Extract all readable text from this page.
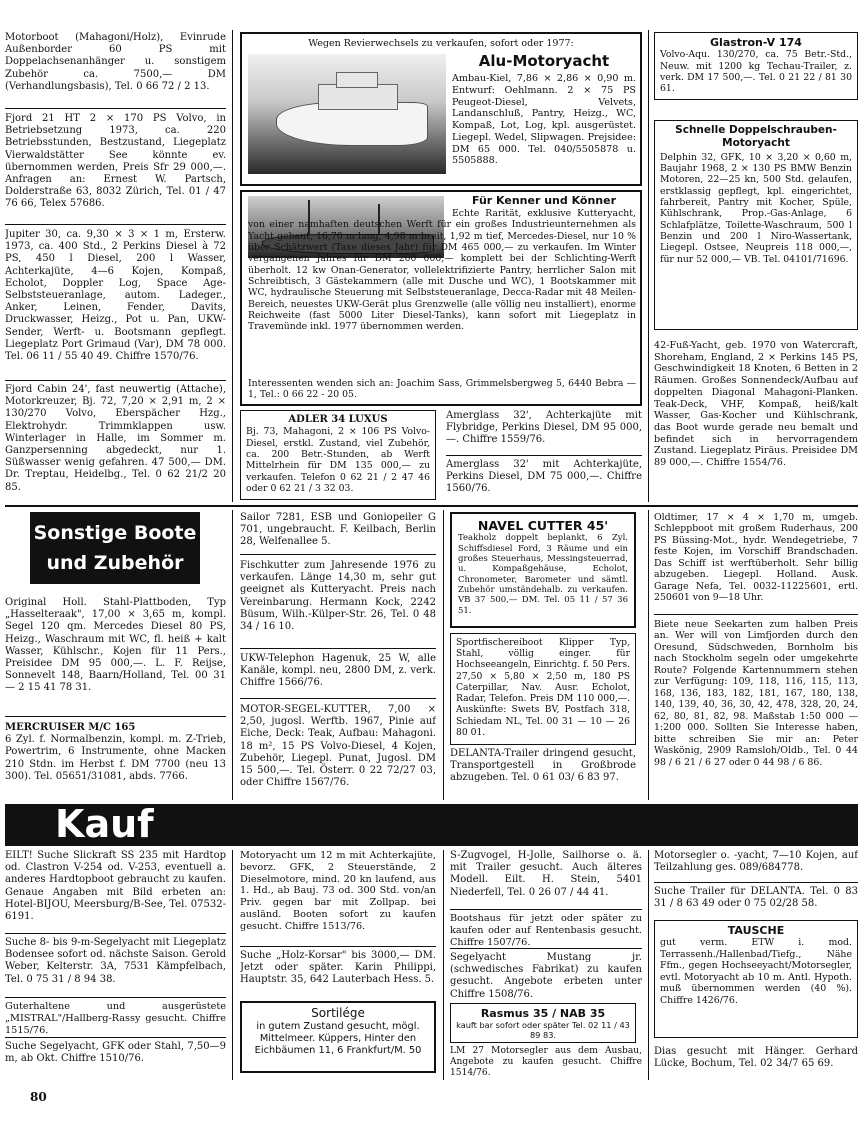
Motorboot (Mahagoni/Holz), Evinrude Außenborder 60 PS mit Doppelachsenanhänger u. sonstigem Zubehör ca. 7500,— DM (Verhandlungsbasis), Tel. 0 66 72 / 2 13.

Fjord 21 HT 2 × 170 PS Volvo, in Betriebsetzung 1973, ca. 220 Betriebsstunden, Bestzustand, Liegeplatz Vierwaldstätter See könnte ev. übernommen werden, Preis Sfr 29 000,—. Anfragen an: Ernest W. Partsch, Dolderstraße 63, 8032 Zürich, Tel. 01 / 47 76 66, Telex 57686.

Jupiter 30, ca. 9,30 × 3 × 1 m, Ersterw. 1973, ca. 400 Std., 2 Perkins Diesel à 72 PS, 450 l Diesel, 200 l Wasser, Achterkajüte, 4—6 Kojen, Kompaß, Echolot, Doppler Log, Space Age-Selbststeueranlage, autom. Ladeger., Anker, Leinen, Fender, Davits, Druckwasser, Heizg., Pot u. Pan, UKW-Sender, Werft- u. Bootsmann gepflegt. Liegeplatz Port Grimaud (Var), DM 78 000. Tel. 06 11 / 55 40 49. Chiffre 1570/76.

Fjord Cabin 24', fast neuwertig (Attache), Motorkreuzer, Bj. 72, 7,20 × 2,91 m, 2 × 130/270 Volvo, Eberspächer Hzg., Elektrohydr. Trimmklappen usw. Winterlager in Halle, im Sommer m. Ganzpersenning abgedeckt, nur 1. Süßwasser wenig gefahren. 47 500,— DM. Dr. Treptau, Heidelbg., Tel. 0 62 21/2 20 85.

Wegen Revierwechsels zu verkaufen, sofort oder 1977:
Alu-Motoryacht

Ambau-Kiel, 7,86 × 2,86 × 0,90 m. Entwurf: Oehlmann. 2 × 75 PS Peugeot-Diesel, Velvets, Landanschluß, Pantry, Heizg., WC, Kompaß, Lot, Log, kpl. ausgerüstet. Liegepl. Wedel, Slipwagen. Prejsidee: DM 65 000. Tel. 040/5505878 u. 5505888.

Für Kenner und Könner

Echte Rarität, exklusive Kutteryacht, von einer namhaften deutschen Werft für ein großes Industrieunternehmen als Yacht gebaut, 16,70 m lang, 4,98 m breit, 1,92 m tief, Mercedes-Diesel, nur 10 % über Schätzwert (Taxe dieses Jahr) für DM 465 000,— zu verkaufen. Im Winter vergangenen Jahres für DM 200 000,— komplett bei der Schlichting-Werft überholt. 12 kw Onan-Generator, vollelektrifizierte Pantry, herrlicher Salon mit Schreibtisch, 3 Gästekammern (alle mit Dusche und WC), 1 Bootskammer mit WC, hydraulische Steuerung mit Selbststeueranlage, Decca-Radar mit 48 Meilen-Bereich, neuestes UKW-Gerät plus Grenzwelle (alle völlig neu installiert), enorme Reichweite (fast 5000 Liter Diesel-Tanks), kann sofort mit Liegeplatz in Travemünde inkl. 1977 übernommen werden.

Interessenten wenden sich an: Joachim Sass, Grimmelsbergweg 5, 6440 Bebra — 1, Tel.: 0 66 22 - 20 05.

ADLER 34 LUXUS

Bj. 73, Mahagoni, 2 × 106 PS Volvo-Diesel, erstkl. Zustand, viel Zubehör, ca. 200 Betr.-Stunden, ab Werft Mittelrhein für DM 135 000,— zu verkaufen. Telefon 0 62 21 / 2 47 46 oder 0 62 21 / 3 32 03.

Amerglass 32', Achterkajüte mit Flybridge, Perkins Diesel, DM 95 000,—. Chiffre 1559/76.

Amerglass 32' mit Achterkajüte, Perkins Diesel, DM 75 000,—. Chiffre 1560/76.

Glastron-V 174

Volvo-Aqu. 130/270, ca. 75 Betr.-Std., Neuw. mit 1200 kg Techau-Trailer, z. verk. DM 17 500,—. Tel. 0 21 22 / 81 30 61.

Schnelle Doppelschrauben-Motoryacht

Delphin 32, GFK, 10 × 3,20 × 0,60 m, Baujahr 1968, 2 × 130 PS BMW Benzin Motoren, 22—25 kn, 500 Std. gelaufen, erstklassig gepflegt, kpl. eingerichtet, fahrbereit, Pantry mit Kocher, Spüle, Kühlschrank, Prop.-Gas-Anlage, 6 Schlafplätze, Toilette-Waschraum, 500 l Benzin und 200 l Niro-Wassertank, Liegepl. Ostsee, Neupreis 118 000,—, für nur 52 000,— VB. Tel. 04101/71696.

42-Fuß-Yacht, geb. 1970 von Watercraft, Shoreham, England, 2 × Perkins 145 PS, Geschwindigkeit 18 Knoten, 6 Betten in 2 Räumen. Großes Sonnendeck/Aufbau auf doppelten Diagonal Mahagoni-Planken. Teak-Deck, VHF, Kompaß, heiß/kalt Wasser, Gas-Kocher und Kühlschrank, das Boot wurde gerade neu bemalt und befindet sich in hervorragendem Zustand. Liegeplatz Piräus. Preisidee DM 89 000,—. Chiffre 1554/76.

Sonstige Boote
und Zubehör

Original Holl. Stahl-Plattboden, Typ „Hasselteraak", 17,00 × 3,65 m, kompl. Segel 120 qm. Mercedes Diesel 80 PS, Heizg., Waschraum mit WC, fl. heiß + kalt Wasser, Kühlschr., Kojen für 11 Pers., Preisidee DM 95 000,—. L. F. Reijse, Sonnevelt 148, Baarn/Holland, Tel. 00 31 — 2 15 41 78 31.

MERCRUISER M/C 165

6 Zyl. f. Normalbenzin, kompl. m. Z-Trieb, Powertrim, 6 Instrumente, ohne Macken 210 Stdn. im Herbst f. DM 7700 (neu 13 300). Tel. 05651/31081, abds. 7766.

Sailor 7281, ESB und Goniopeiler G 701, ungebraucht. F. Keilbach, Berlin 28, Welfenallee 5.

Fischkutter zum Jahresende 1976 zu verkaufen. Länge 14,30 m, sehr gut geeignet als Kutteryacht. Preis nach Vereinbarung. Hermann Kock, 2242 Büsum, Wilh.-Külper-Str. 26, Tel. 0 48 34 / 16 10.

UKW-Telephon Hagenuk, 25 W, alle Kanäle, kompl. neu, 2800 DM, z. verk. Chiffre 1566/76.

MOTOR-SEGEL-KUTTER, 7,00 × 2,50, jugosl. Werftb. 1967, Pinie auf Eiche, Deck: Teak, Aufbau: Mahagoni. 18 m², 15 PS Volvo-Diesel, 4 Kojen, Zubehör, Liegepl. Punat, Jugosl. DM 15 500,—. Tel. Österr. 0 22 72/27 03, oder Chiffre 1567/76.

NAVEL CUTTER 45'

Teakholz doppelt beplankt, 6 Zyl. Schiffsdiesel Ford, 3 Räume und ein großes Steuerhaus, Messingsteuerrad, u. Kompaßgehäuse, Echolot, Chronometer, Barometer und sämtl. Zubehör umständehalb. zu verkaufen. VB 37 500,— DM. Tel. 05 11 / 57 36 51.

Sportfischereiboot Klipper Typ, Stahl, völlig einger. für Hochseeangeln, Einrichtg. f. 50 Pers. 27,50 × 5,80 × 2,50 m, 180 PS Caterpillar, Nav. Ausr. Echolot, Radar, Telefon. Preis DM 110 000,—. Auskünfte: Swets BV, Postfach 318, Schiedam NL, Tel. 00 31 — 10 — 26 80 01.

DELANTA-Trailer dringend gesucht, Transportgestell in Großbrode abzugeben. Tel. 0 61 03/ 6 83 97.

Oldtimer, 17 × 4 × 1,70 m, umgeb. Schleppboot mit großem Ruderhaus, 200 PS Büssing-Mot., hydr. Wendegetriebe, 7 feste Kojen, im Vorschiff Brandschaden. Das Schiff ist werftüberholt. Sehr billig abzugeben. Liegepl. Holland. Ausk. Garage Nefa, Tel. 0032-11225601, ertl. 250601 von 9—18 Uhr.

Biete neue Seekarten zum halben Preis an. Wer will von Limfjorden durch den Oresund, Südschweden, Bornholm bis nach Stockholm segeln oder umgekehrte Route? Folgende Kartennummern stehen zur Verfügung: 109, 118, 116, 115, 113, 168, 136, 183, 182, 181, 167, 180, 138, 140, 139, 40, 36, 30, 42, 478, 328, 20, 24, 62, 80, 81, 82, 98. Maßstab 1:50 000 — 1:200 000. Sollten Sie Interesse haben, bitte schreiben Sie mir an: Peter Waskönig, 2909 Ramsloh/Oldb., Tel. 0 44 98 / 6 21 / 6 27 oder 0 44 98 / 6 86.

Kauf

EILT! Suche Slickraft SS 235 mit Hardtop od. Clastron V-254 od. V-253, eventuell a. anderes Hardtopboot gebraucht zu kaufen. Genaue Angaben mit Bild erbeten an: Hotel-BIJOU, Meersburg/B-See, Tel. 07532-6191.

Suche 8- bis 9-m-Segelyacht mit Liegeplatz Bodensee sofort od. nächste Saison. Gerold Weber, Kelterstr. 3A, 7531 Kämpfelbach, Tel. 0 75 31 / 8 94 38.

Guterhaltene und ausgerüstete „MISTRAL"/Hallberg-Rassy gesucht. Chiffre 1515/76.

Suche Segelyacht, GFK oder Stahl, 7,50—9 m, ab Okt. Chiffre 1510/76.

Motoryacht um 12 m mit Achterkajüte, bevorz. GFK, 2 Steuerstände, 2 Dieselmotore, mind. 20 kn laufend, aus 1. Hd., ab Bauj. 73 od. 300 Std. von/an Priv. gegen bar mit Zollpap. bei ausländ. Booten sofort zu kaufen gesucht. Chiffre 1513/76.

Suche „Holz-Korsar" bis 3000,— DM. Jetzt oder später. Karin Philippi, Hauptstr. 35, 642 Lauterbach Hess. 5.

Sortilége

in gutem Zustand gesucht, mögl. Mittelmeer. Küppers, Hinter den Eichbäumen 11, 6 Frankfurt/M. 50

S-Zugvogel, H-Jolle, Sailhorse o. ä. mit Trailer gesucht. Auch älteres Modell. Eilt. H. Stein, 5401 Niederfell, Tel. 0 26 07 / 44 41.

Bootshaus für jetzt oder später zu kaufen oder auf Rentenbasis gesucht. Chiffre 1507/76.

Segelyacht Mustang jr. (schwedisches Fabrikat) zu kaufen gesucht. Angebote erbeten unter Chiffre 1508/76.

Rasmus 35 / NAB 35

kauft bar sofort oder später Tel. 02 11 / 43 89 83.

LM 27 Motorsegler aus dem Ausbau, Angebote zu kaufen gesucht. Chiffre 1514/76.

Motorsegler o. -yacht, 7—10 Kojen, auf Teilzahlung ges. 089/684778.

Suche Trailer für DELANTA. Tel. 0 83 31 / 8 63 49 oder 0 75 02/28 58.

TAUSCHE

gut verm. ETW i. mod. Terrassenh./Hallenbad/Tiefg., Nähe Ffm., gegen Hochseeyacht/Motorsegler, evtl. Motoryacht ab 10 m. Antl. Hypoth. muß übernommen werden (40 %). Chiffre 1426/76.

Dias gesucht mit Hänger. Gerhard Lücke, Bochum, Tel. 02 34/7 65 69.

80
